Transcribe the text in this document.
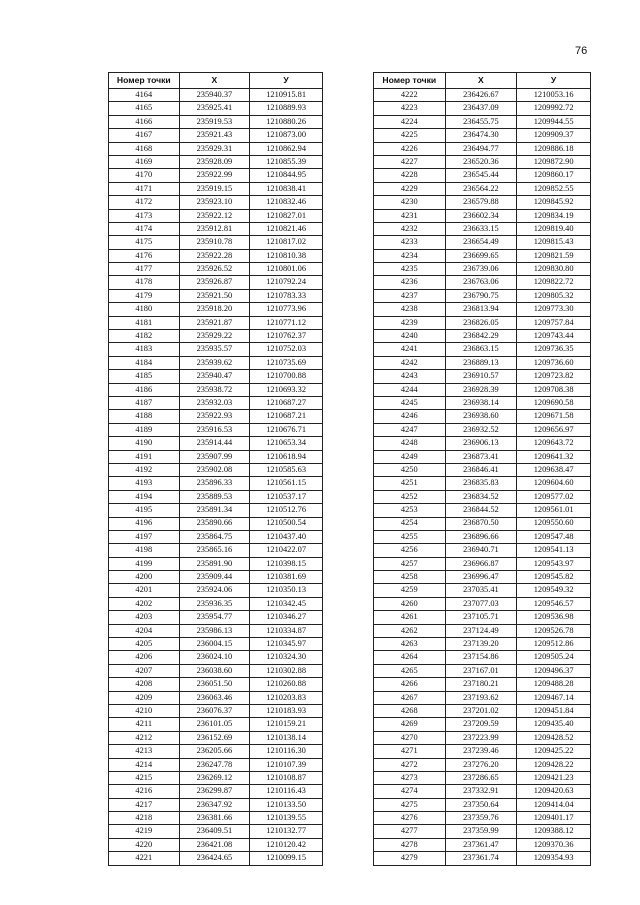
76
Номер точки	X	У
4164	235940.37	1210915.81
4165	235925.41	1210889.93
4166	235919.53	1210880.26
4167	235921.43	1210873.00
4168	235929.31	1210862.94
4169	235928.09	1210855.39
4170	235922.99	1210844.95
4171	235919.15	1210838.41
4172	235923.10	1210832.46
4173	235922.12	1210827.01
4174	235912.81	1210821.46
4175	235910.78	1210817.02
4176	235922.28	1210810.38
4177	235926.52	1210801.06
4178	235926.87	1210792.24
4179	235921.50	1210783.33
4180	235918.20	1210773.96
4181	235921.87	1210771.12
4182	235929.22	1210762.37
4183	235935.57	1210752.03
4184	235939.62	1210735.69
4185	235940.47	1210700.88
4186	235938.72	1210693.32
4187	235932.03	1210687.27
4188	235922.93	1210687.21
4189	235916.53	1210676.71
4190	235914.44	1210653.34
4191	235907.99	1210618.94
4192	235902.08	1210585.63
4193	235896.33	1210561.15
4194	235889.53	1210537.17
4195	235891.34	1210512.76
4196	235890.66	1210500.54
4197	235864.75	1210437.40
4198	235865.16	1210422.07
4199	235891.90	1210398.15
4200	235909.44	1210381.69
4201	235924.06	1210350.13
4202	235936.35	1210342.45
4203	235954.77	1210346.27
4204	235986.13	1210334.87
4205	236004.15	1210345.97
4206	236024.10	1210324.30
4207	236038.60	1210302.88
4208	236051.50	1210260.88
4209	236063.46	1210203.83
4210	236076.37	1210183.93
4211	236101.05	1210159.21
4212	236152.69	1210138.14
4213	236205.66	1210116.30
4214	236247.78	1210107.39
4215	236269.12	1210108.87
4216	236299.87	1210116.43
4217	236347.92	1210133.50
4218	236381.66	1210139.55
4219	236409.51	1210132.77
4220	236421.08	1210120.42
4221	236424.65	1210099.15
Номер точки	X	У
4222	236426.67	1210053.16
4223	236437.09	1209992.72
4224	236455.75	1209944.55
4225	236474.30	1209909.37
4226	236494.77	1209886.18
4227	236520.36	1209872.90
4228	236545.44	1209860.17
4229	236564.22	1209852.55
4230	236579.88	1209845.92
4231	236602.34	1209834.19
4232	236633.15	1209819.40
4233	236654.49	1209815.43
4234	236699.65	1209821.59
4235	236739.06	1209830.80
4236	236763.06	1209822.72
4237	236790.75	1209805.32
4238	236813.94	1209773.30
4239	236826.05	1209757.84
4240	236842.29	1209743.44
4241	236863.15	1209736.35
4242	236889.13	1209736.60
4243	236910.57	1209723.82
4244	236928.39	1209708.38
4245	236938.14	1209690.58
4246	236938.60	1209671.58
4247	236932.52	1209656.97
4248	236906.13	1209643.72
4249	236873.41	1209641.32
4250	236846.41	1209638.47
4251	236835.83	1209604.60
4252	236834.52	1209577.02
4253	236844.52	1209561.01
4254	236870.50	1209550.60
4255	236896.66	1209547.48
4256	236940.71	1209541.13
4257	236966.87	1209543.97
4258	236996.47	1209545.82
4259	237035.41	1209549.32
4260	237077.03	1209546.57
4261	237105.71	1209536.98
4262	237124.49	1209526.78
4263	237139.20	1209512.86
4264	237154.86	1209505.24
4265	237167.01	1209496.37
4266	237180.21	1209488.28
4267	237193.62	1209467.14
4268	237201.02	1209451.84
4269	237209.59	1209435.40
4270	237223.99	1209428.52
4271	237239.46	1209425.22
4272	237276.20	1209428.22
4273	237286.65	1209421.23
4274	237332.91	1209420.63
4275	237350.64	1209414.04
4276	237359.76	1209401.17
4277	237359.99	1209388.12
4278	237361.47	1209370.36
4279	237361.74	1209354.93
